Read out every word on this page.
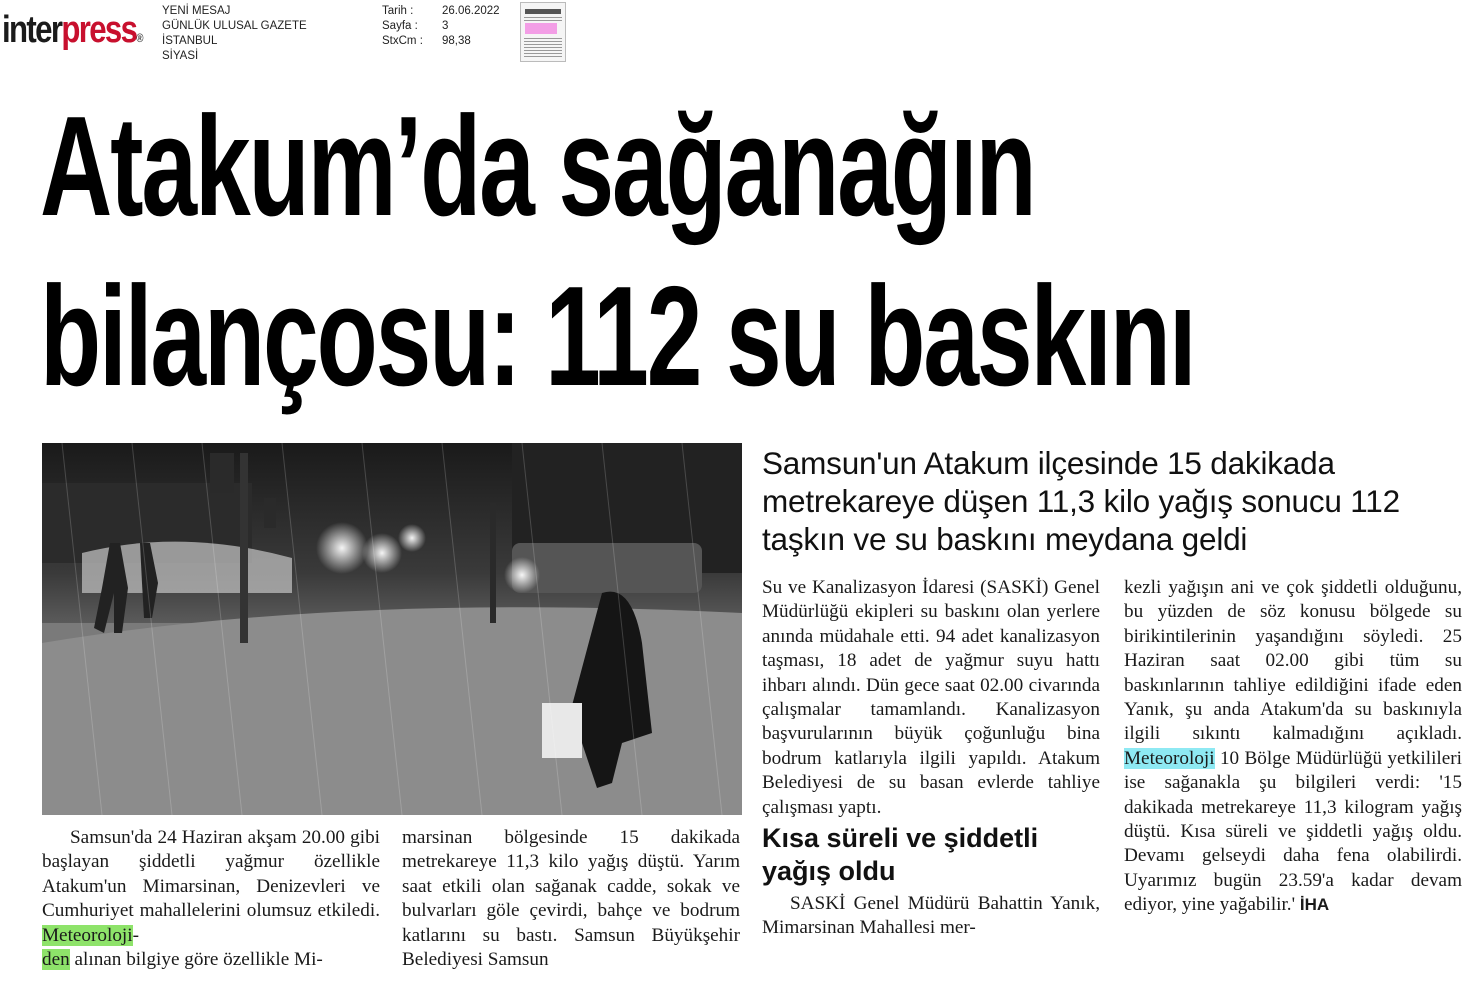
interpress®
YENİ MESAJ
GÜNLÜK ULUSAL GAZETE
İSTANBUL
SİYASİ
Tarih :
Sayfa :
StxCm :
26.06.2022
3
98,38
Atakum’da sağanağın
bilançosu: 112 su baskını
Samsun'un Atakum ilçesinde 15 dakikada metrekareye düşen 11,3 kilo yağış sonucu 112 taşkın ve su baskını meydana geldi

Samsun'da 24 Haziran akşam 20.00 gibi başlayan şiddetli yağmur özellikle Atakum'un Mimarsinan, Denizevleri ve Cumhuriyet mahallelerini olumsuz etkiledi. Meteoroloji-
den alınan bilgiye göre özellikle Mi-

marsinan bölgesinde 15 dakikada metrekareye 11,3 kilo yağış düştü. Yarım saat etkili olan sağanak cadde, sokak ve bulvarları göle çevirdi, bahçe ve bodrum katlarını su bastı. Samsun Büyükşehir Belediyesi Samsun

Su ve Kanalizasyon İdaresi (SASKİ) Genel Müdürlüğü ekipleri su baskını olan yerlere anında müdahale etti. 94 adet kanalizasyon taşması, 18 adet de yağmur suyu hattı ihbarı alındı. Dün gece saat 02.00 civarında çalışmalar tamamlandı. Kanalizasyon başvurularının büyük çoğunluğu bina bodrum katlarıyla ilgili yapıldı. Atakum Belediyesi de su basan evlerde tahliye çalışması yaptı.

Kısa süreli ve şiddetli yağış oldu

SASKİ Genel Müdürü Bahattin Yanık, Mimarsinan Mahallesi mer-

kezli yağışın ani ve çok şiddetli olduğunu, bu yüzden de söz konusu bölgede su birikintilerinin yaşandığını söyledi. 25 Haziran saat 02.00 gibi tüm su baskınlarının tahliye edildiğini ifade eden Yanık, şu anda Atakum'da su baskınıyla ilgili sıkıntı kalmadığını açıkladı. Meteoroloji 10 Bölge Müdürlüğü yetkilileri ise sağanakla şu bilgileri verdi: '15 dakikada metrekareye 11,3 kilogram yağış düştü. Kısa süreli ve şiddetli yağış oldu. Devamı gelseydi daha fena olabilirdi. Uyarımız bugün 23.59'a kadar devam ediyor, yine yağabilir.' İHA
